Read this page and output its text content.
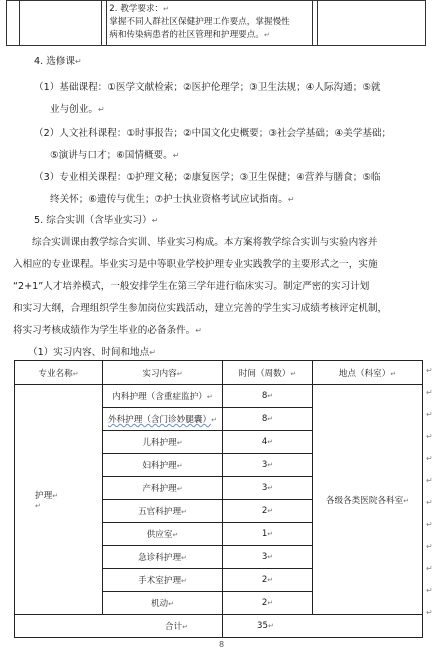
2. 教学要求：↵
掌握不同人群社区保健护理工作要点，掌握慢性
病和传染病患者的社区管理和护理要点。↵

4. 选修课↵
（1）基础课程：①医学文献检索；②医护伦理学；③卫生法规；④人际沟通；⑤就
业与创业。↵
（2）人文社科课程：①时事报告；②中国文化史概要；③社会学基础；④美学基础；
⑤演讲与口才；⑥国情概要。↵
（3）专业相关课程：①护理文秘；②康复医学；③卫生保健；④营养与膳食；⑤临
终关怀；⑥遗传与优生；⑦护士执业资格考试应试指南。↵
5. 综合实训（含毕业实习）↵
综合实训课由教学综合实训、毕业实习构成。本方案将教学综合实训与实验内容并
入相应的专业课程。毕业实习是中等职业学校护理专业实践教学的主要形式之一，实施
“2+1”人才培养模式，一般安排学生在第三学年进行临床实习。制定严密的实习计划
和实习大纲，合理组织学生参加岗位实践活动，建立完善的学生实习成绩考核评定机制，
将实习考核成绩作为学生毕业的必备条件。↵
（1）实习内容、时间和地点↵
专业名称↵	实习内容↵	时间（周数）↵	地点（科室）↵
护理↵
↵	内科护理（含重症监护）↵	8↵	各级各类医院各科室↵
	外科护理（含门诊妙腿囊）↵	8↵	
	儿科护理↵	4↵	
	妇科护理↵	3↵	
	产科护理↵	3↵	
	五官科护理↵	2↵	
	供应室↵	1↵	
	急诊科护理↵	3↵	
	手术室护理↵	2↵	
	机动↵	2↵	
合计↵		35↵	
↵
↵
↵
↵
↵
↵
↵
↵
↵
↵
↵
↵
8
